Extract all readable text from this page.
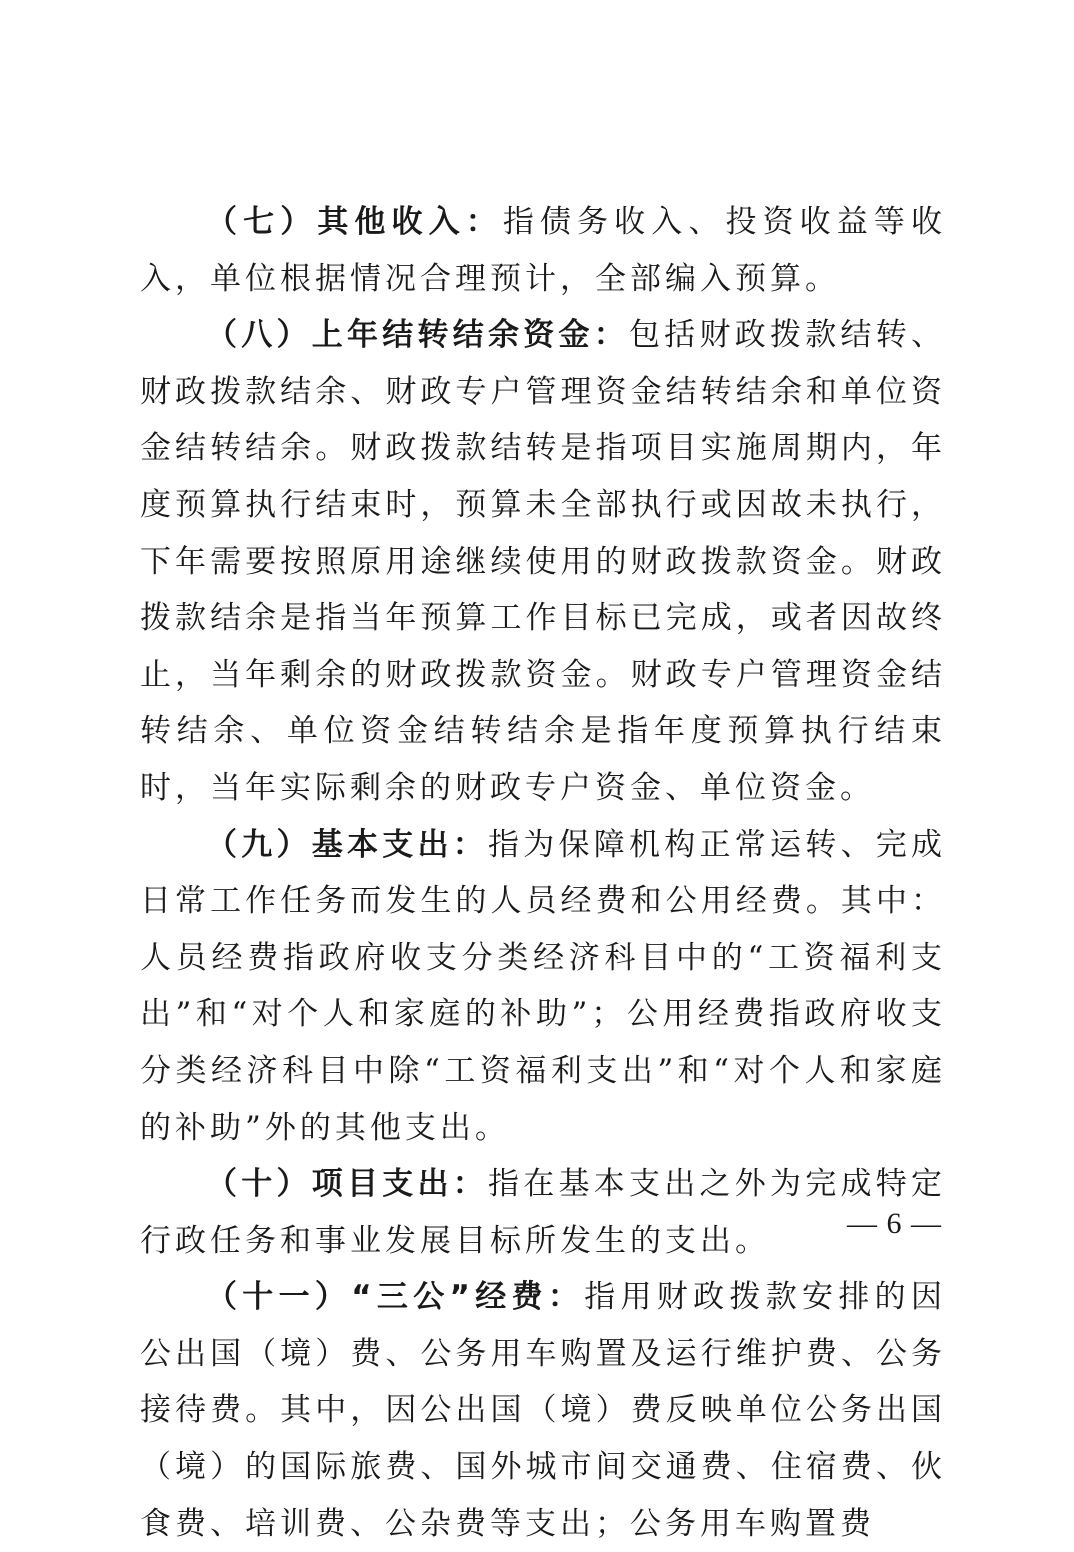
（七）其他收入：指债务收入、投资收益等收入，单位根据情况合理预计，全部编入预算。

（八）上年结转结余资金：包括财政拨款结转、财政拨款结余、财政专户管理资金结转结余和单位资金结转结余。财政拨款结转是指项目实施周期内，年度预算执行结束时，预算未全部执行或因故未执行，下年需要按照原用途继续使用的财政拨款资金。财政拨款结余是指当年预算工作目标已完成，或者因故终止，当年剩余的财政拨款资金。财政专户管理资金结转结余、单位资金结转结余是指年度预算执行结束时，当年实际剩余的财政专户资金、单位资金。

（九）基本支出：指为保障机构正常运转、完成日常工作任务而发生的人员经费和公用经费。其中：人员经费指政府收支分类经济科目中的“工资福利支出”和“对个人和家庭的补助”；公用经费指政府收支分类经济科目中除“工资福利支出”和“对个人和家庭的补助”外的其他支出。

（十）项目支出：指在基本支出之外为完成特定行政任务和事业发展目标所发生的支出。

（十一）“三公”经费：指用财政拨款安排的因公出国（境）费、公务用车购置及运行维护费、公务接待费。其中，因公出国（境）费反映单位公务出国（境）的国际旅费、国外城市间交通费、住宿费、伙食费、培训费、公杂费等支出；公务用车购置费

— 6 —
